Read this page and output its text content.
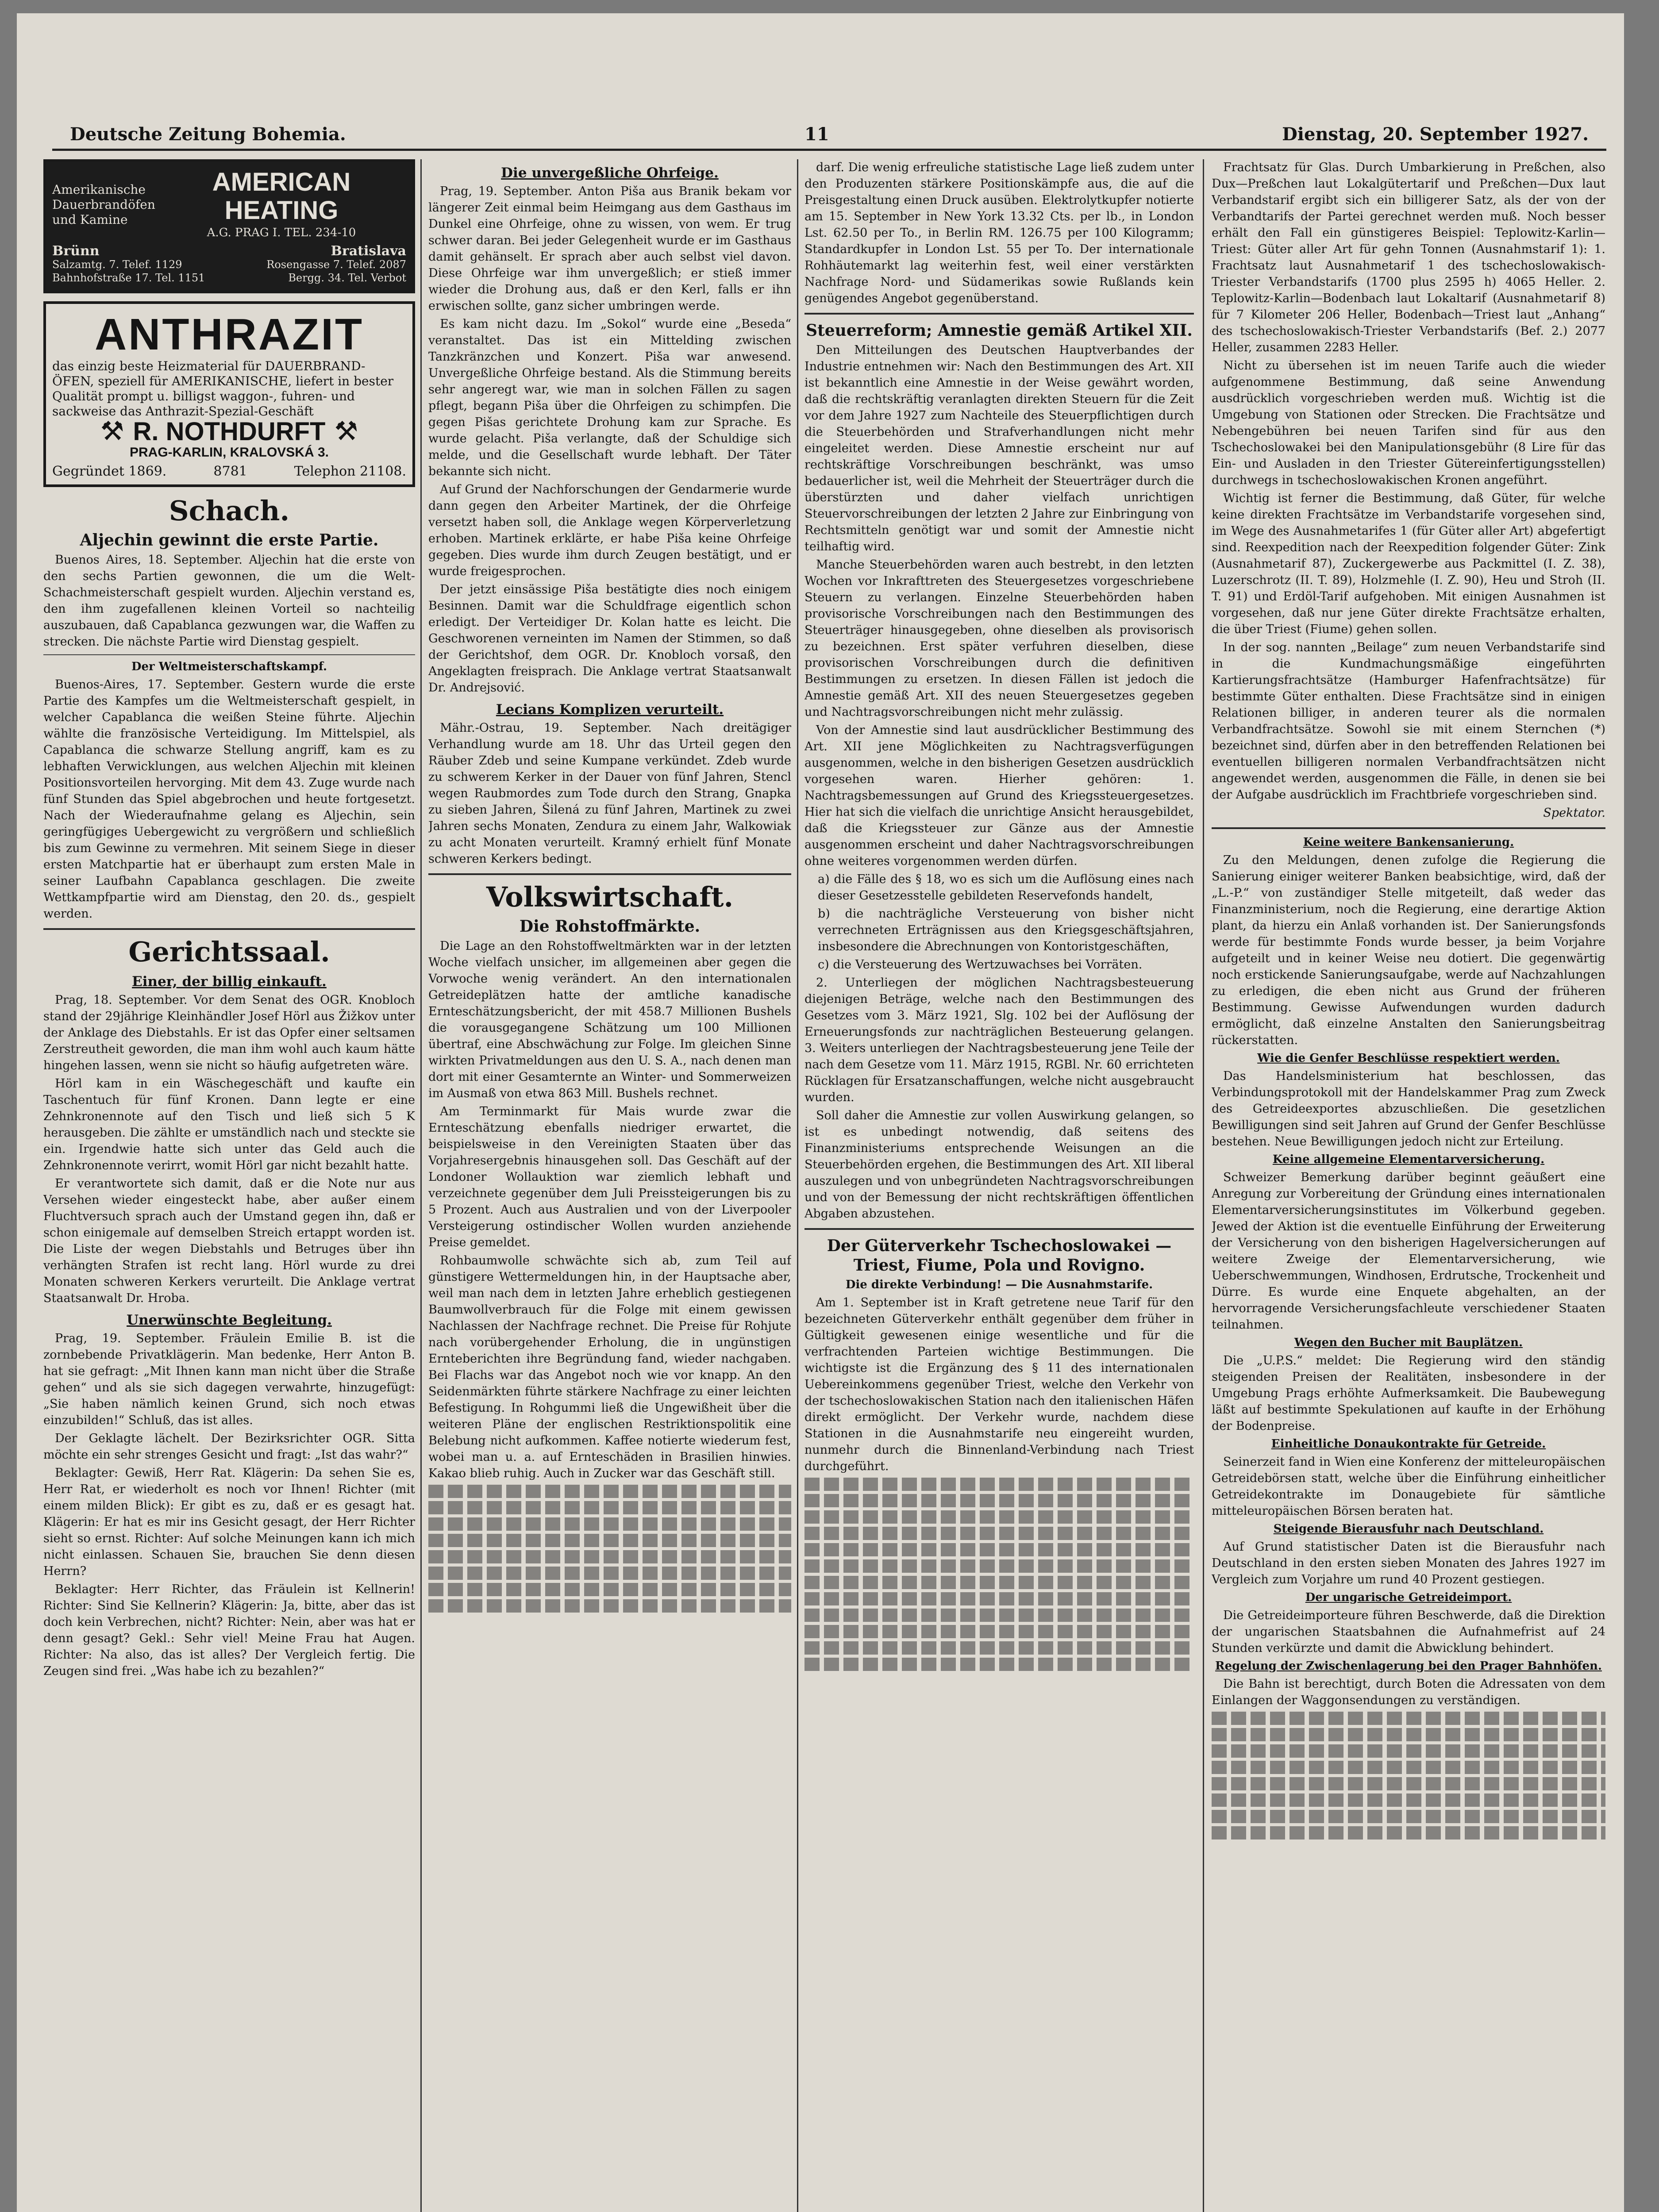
Deutsche Zeitung Bohemia.	11	Dienstag, 20. September 1927.
Amerikanische Dauerbrandöfen und Kamine
AMERICAN HEATING
A.G. PRAG I. TEL. 234-10
Brünn	Bratislava
Salzamtg. 7. Telef. 1129	Rosengasse 7. Telef. 2087
Bahnhofstraße 17. Tel. 1151	Bergg. 34. Tel. Verbot
ANTHRAZIT
das einzig beste Heizmaterial für DAUERBRAND-ÖFEN, speziell für AMERIKANISCHE, liefert in bester Qualität prompt u. billigst waggon-, fuhren- und sackweise das Anthrazit-Spezial-Geschäft
⚒ R. NOTHDURFT ⚒
PRAG-KARLIN, KRALOVSKÁ 3.
Gegründet 1869.	8781	Telephon 21108.
Schach.
Aljechin gewinnt die erste Partie.

Buenos Aires, 18. September. Aljechin hat die erste von den sechs Partien gewonnen, die um die Welt-Schachmeisterschaft gespielt wurden. Aljechin verstand es, den ihm zugefallenen kleinen Vorteil so nachteilig auszubauen, daß Capablanca gezwungen war, die Waffen zu strecken. Die nächste Partie wird Dienstag gespielt.

Der Weltmeisterschaftskampf.

Buenos-Aires, 17. September. Gestern wurde die erste Partie des Kampfes um die Weltmeisterschaft gespielt, in welcher Capablanca die weißen Steine führte. Aljechin wählte die französische Verteidigung. Im Mittelspiel, als Capablanca die schwarze Stellung angriff, kam es zu lebhaften Verwicklungen, aus welchen Aljechin mit kleinen Positionsvorteilen hervorging. Mit dem 43. Zuge wurde nach fünf Stunden das Spiel abgebrochen und heute fortgesetzt. Nach der Wiederaufnahme gelang es Aljechin, sein geringfügiges Uebergewicht zu vergrößern und schließlich bis zum Gewinne zu vermehren. Mit seinem Siege in dieser ersten Matchpartie hat er überhaupt zum ersten Male in seiner Laufbahn Capablanca geschlagen. Die zweite Wettkampfpartie wird am Dienstag, den 20. ds., gespielt werden.

Gerichtssaal.
Einer, der billig einkauft.

Prag, 18. September. Vor dem Senat des OGR. Knobloch stand der 29jährige Kleinhändler Josef Hörl aus Žižkov unter der Anklage des Diebstahls. Er ist das Opfer einer seltsamen Zerstreutheit geworden, die man ihm wohl auch kaum hätte hingehen lassen, wenn sie nicht so häufig aufgetreten wäre.

Hörl kam in ein Wäschegeschäft und kaufte ein Taschentuch für fünf Kronen. Dann legte er eine Zehnkronennote auf den Tisch und ließ sich 5 K herausgeben. Die zählte er umständlich nach und steckte sie ein. Irgendwie hatte sich unter das Geld auch die Zehnkronennote verirrt, womit Hörl gar nicht bezahlt hatte.

Er verantwortete sich damit, daß er die Note nur aus Versehen wieder eingesteckt habe, aber außer einem Fluchtversuch sprach auch der Umstand gegen ihn, daß er schon einigemale auf demselben Streich ertappt worden ist. Die Liste der wegen Diebstahls und Betruges über ihn verhängten Strafen ist recht lang. Hörl wurde zu drei Monaten schweren Kerkers verurteilt. Die Anklage vertrat Staatsanwalt Dr. Hroba.

Unerwünschte Begleitung.

Prag, 19. September. Fräulein Emilie B. ist die zornbebende Privatklägerin. Man bedenke, Herr Anton B. hat sie gefragt: „Mit Ihnen kann man nicht über die Straße gehen“ und als sie sich dagegen verwahrte, hinzugefügt: „Sie haben nämlich keinen Grund, sich noch etwas einzubilden!“ Schluß, das ist alles.

Der Geklagte lächelt. Der Bezirksrichter OGR. Sitta möchte ein sehr strenges Gesicht und fragt: „Ist das wahr?“

Beklagter: Gewiß, Herr Rat. Klägerin: Da sehen Sie es, Herr Rat, er wiederholt es noch vor Ihnen! Richter (mit einem milden Blick): Er gibt es zu, daß er es gesagt hat. Klägerin: Er hat es mir ins Gesicht gesagt, der Herr Richter sieht so ernst. Richter: Auf solche Meinungen kann ich mich nicht einlassen. Schauen Sie, brauchen Sie denn diesen Herrn?

Beklagter: Herr Richter, das Fräulein ist Kellnerin! Richter: Sind Sie Kellnerin? Klägerin: Ja, bitte, aber das ist doch kein Verbrechen, nicht? Richter: Nein, aber was hat er denn gesagt? Gekl.: Sehr viel! Meine Frau hat Augen. Richter: Na also, das ist alles? Der Vergleich fertig. Die Zeugen sind frei. „Was habe ich zu bezahlen?“

Die unvergeßliche Ohrfeige.

Prag, 19. September. Anton Piša aus Branik bekam vor längerer Zeit einmal beim Heimgang aus dem Gasthaus im Dunkel eine Ohrfeige, ohne zu wissen, von wem. Er trug schwer daran. Bei jeder Gelegenheit wurde er im Gasthaus damit gehänselt. Er sprach aber auch selbst viel davon. Diese Ohrfeige war ihm unvergeßlich; er stieß immer wieder die Drohung aus, daß er den Kerl, falls er ihn erwischen sollte, ganz sicher umbringen werde.

Es kam nicht dazu. Im „Sokol“ wurde eine „Beseda“ veranstaltet. Das ist ein Mittelding zwischen Tanzkränzchen und Konzert. Piša war anwesend. Unvergeßliche Ohrfeige bestand. Als die Stimmung bereits sehr angeregt war, wie man in solchen Fällen zu sagen pflegt, begann Piša über die Ohrfeigen zu schimpfen. Die gegen Pišas gerichtete Drohung kam zur Sprache. Es wurde gelacht. Piša verlangte, daß der Schuldige sich melde, und die Gesellschaft wurde lebhaft. Der Täter bekannte sich nicht.

Auf Grund der Nachforschungen der Gendarmerie wurde dann gegen den Arbeiter Martinek, der die Ohrfeige versetzt haben soll, die Anklage wegen Körperverletzung erhoben. Martinek erklärte, er habe Piša keine Ohrfeige gegeben. Dies wurde ihm durch Zeugen bestätigt, und er wurde freigesprochen.

Der jetzt einsässige Piša bestätigte dies noch einigem Besinnen. Damit war die Schuldfrage eigentlich schon erledigt. Der Verteidiger Dr. Kolan hatte es leicht. Die Geschworenen verneinten im Namen der Stimmen, so daß der Gerichtshof, dem OGR. Dr. Knobloch vorsaß, den Angeklagten freisprach. Die Anklage vertrat Staatsanwalt Dr. Andrejsović.

Lecians Komplizen verurteilt.

Mähr.-Ostrau, 19. September. Nach dreitägiger Verhandlung wurde am 18. Uhr das Urteil gegen den Räuber Zdeb und seine Kumpane verkündet. Zdeb wurde zu schwerem Kerker in der Dauer von fünf Jahren, Stencl wegen Raubmordes zum Tode durch den Strang, Gnapka zu sieben Jahren, Šilená zu fünf Jahren, Martinek zu zwei Jahren sechs Monaten, Zendura zu einem Jahr, Walkowiak zu acht Monaten verurteilt. Kramný erhielt fünf Monate schweren Kerkers bedingt.

Volkswirtschaft.
Die Rohstoffmärkte.

Die Lage an den Rohstoffweltmärkten war in der letzten Woche vielfach unsicher, im allgemeinen aber gegen die Vorwoche wenig verändert. An den internationalen Getreideplätzen hatte der amtliche kanadische Ernteschätzungsbericht, der mit 458.7 Millionen Bushels die vorausgegangene Schätzung um 100 Millionen übertraf, eine Abschwächung zur Folge. Im gleichen Sinne wirkten Privatmeldungen aus den U. S. A., nach denen man dort mit einer Gesamternte an Winter- und Sommerweizen im Ausmaß von etwa 863 Mill. Bushels rechnet.

Am Terminmarkt für Mais wurde zwar die Ernteschätzung ebenfalls niedriger erwartet, die beispielsweise in den Vereinigten Staaten über das Vorjahresergebnis hinausgehen soll. Das Geschäft auf der Londoner Wollauktion war ziemlich lebhaft und verzeichnete gegenüber dem Juli Preissteigerungen bis zu 5 Prozent. Auch aus Australien und von der Liverpooler Versteigerung ostindischer Wollen wurden anziehende Preise gemeldet.

Rohbaumwolle schwächte sich ab, zum Teil auf günstigere Wettermeldungen hin, in der Hauptsache aber, weil man nach dem in letzten Jahre erheblich gestiegenen Baumwollverbrauch für die Folge mit einem gewissen Nachlassen der Nachfrage rechnet. Die Preise für Rohjute nach vorübergehender Erholung, die in ungünstigen Ernteberichten ihre Begründung fand, wieder nachgaben. Bei Flachs war das Angebot noch wie vor knapp. An den Seidenmärkten führte stärkere Nachfrage zu einer leichten Befestigung. In Rohgummi ließ die Ungewißheit über die weiteren Pläne der englischen Restriktionspolitik eine Belebung nicht aufkommen. Kaffee notierte wiederum fest, wobei man u. a. auf Ernteschäden in Brasilien hinwies. Kakao blieb ruhig. Auch in Zucker war das Geschäft still.

darf. Die wenig erfreuliche statistische Lage ließ zudem unter den Produzenten stärkere Positionskämpfe aus, die auf die Preisgestaltung einen Druck ausüben. Elektrolytkupfer notierte am 15. September in New York 13.32 Cts. per lb., in London Lst. 62.50 per To., in Berlin RM. 126.75 per 100 Kilogramm; Standardkupfer in London Lst. 55 per To. Der internationale Rohhäutemarkt lag weiterhin fest, weil einer verstärkten Nachfrage Nord- und Südamerikas sowie Rußlands kein genügendes Angebot gegenüberstand.

Steuerreform; Amnestie gemäß Artikel XII.

Den Mitteilungen des Deutschen Hauptverbandes der Industrie entnehmen wir: Nach den Bestimmungen des Art. XII ist bekanntlich eine Amnestie in der Weise gewährt worden, daß die rechtskräftig veranlagten direkten Steuern für die Zeit vor dem Jahre 1927 zum Nachteile des Steuerpflichtigen durch die Steuerbehörden und Strafverhandlungen nicht mehr eingeleitet werden. Diese Amnestie erscheint nur auf rechtskräftige Vorschreibungen beschränkt, was umso bedauerlicher ist, weil die Mehrheit der Steuerträger durch die überstürzten und daher vielfach unrichtigen Steuervorschreibungen der letzten 2 Jahre zur Einbringung von Rechtsmitteln genötigt war und somit der Amnestie nicht teilhaftig wird.

Manche Steuerbehörden waren auch bestrebt, in den letzten Wochen vor Inkrafttreten des Steuergesetzes vorgeschriebene Steuern zu verlangen. Einzelne Steuerbehörden haben provisorische Vorschreibungen nach den Bestimmungen des Steuerträger hinausgegeben, ohne dieselben als provisorisch zu bezeichnen. Erst später verfuhren dieselben, diese provisorischen Vorschreibungen durch die definitiven Bestimmungen zu ersetzen. In diesen Fällen ist jedoch die Amnestie gemäß Art. XII des neuen Steuergesetzes gegeben und Nachtragsvorschreibungen nicht mehr zulässig.

Von der Amnestie sind laut ausdrücklicher Bestimmung des Art. XII jene Möglichkeiten zu Nachtragsverfügungen ausgenommen, welche in den bisherigen Gesetzen ausdrücklich vorgesehen waren. Hierher gehören: 1. Nachtragsbemessungen auf Grund des Kriegssteuergesetzes. Hier hat sich die vielfach die unrichtige Ansicht herausgebildet, daß die Kriegssteuer zur Gänze aus der Amnestie ausgenommen erscheint und daher Nachtragsvorschreibungen ohne weiteres vorgenommen werden dürfen.

a) die Fälle des § 18, wo es sich um die Auflösung eines nach dieser Gesetzesstelle gebildeten Reservefonds handelt,

b) die nachträgliche Versteuerung von bisher nicht verrechneten Erträgnissen aus den Kriegsgeschäftsjahren, insbesondere die Abrechnungen von Kontoristgeschäften,

c) die Versteuerung des Wertzuwachses bei Vorräten.

2. Unterliegen der möglichen Nachtragsbesteuerung diejenigen Beträge, welche nach den Bestimmungen des Gesetzes vom 3. März 1921, Slg. 102 bei der Auflösung der Erneuerungsfonds zur nachträglichen Besteuerung gelangen. 3. Weiters unterliegen der Nachtragsbesteuerung jene Teile der nach dem Gesetze vom 11. März 1915, RGBl. Nr. 60 errichteten Rücklagen für Ersatzanschaffungen, welche nicht ausgebraucht wurden.

Soll daher die Amnestie zur vollen Auswirkung gelangen, so ist es unbedingt notwendig, daß seitens des Finanzministeriums entsprechende Weisungen an die Steuerbehörden ergehen, die Bestimmungen des Art. XII liberal auszulegen und von unbegründeten Nachtragsvorschreibungen und von der Bemessung der nicht rechtskräftigen öffentlichen Abgaben abzustehen.

Der Güterverkehr Tschechoslowakei — Triest, Fiume, Pola und Rovigno.
Die direkte Verbindung! — Die Ausnahmstarife.

Am 1. September ist in Kraft getretene neue Tarif für den bezeichneten Güterverkehr enthält gegenüber dem früher in Gültigkeit gewesenen einige wesentliche und für die verfrachtenden Parteien wichtige Bestimmungen. Die wichtigste ist die Ergänzung des § 11 des internationalen Uebereinkommens gegenüber Triest, welche den Verkehr von der tschechoslowakischen Station nach den italienischen Häfen direkt ermöglicht. Der Verkehr wurde, nachdem diese Stationen in die Ausnahmstarife neu eingereiht wurden, nunmehr durch die Binnenland-Verbindung nach Triest durchgeführt.

Frachtsatz für Glas. Durch Umbarkierung in Preßchen, also Dux—Preßchen laut Lokalgütertarif und Preßchen—Dux laut Verbandstarif ergibt sich ein billigerer Satz, als der von der Verbandtarifs der Partei gerechnet werden muß. Noch besser erhält den Fall ein günstigeres Beispiel: Teplowitz-Karlin—Triest: Güter aller Art für gehn Tonnen (Ausnahmstarif 1): 1. Frachtsatz laut Ausnahmetarif 1 des tschechoslowakisch-Triester Verbandstarifs (1700 plus 2595 h) 4065 Heller. 2. Teplowitz-Karlin—Bodenbach laut Lokaltarif (Ausnahmetarif 8) für 7 Kilometer 206 Heller, Bodenbach—Triest laut „Anhang“ des tschechoslowakisch-Triester Verbandstarifs (Bef. 2.) 2077 Heller, zusammen 2283 Heller.

Nicht zu übersehen ist im neuen Tarife auch die wieder aufgenommene Bestimmung, daß seine Anwendung ausdrücklich vorgeschrieben werden muß. Wichtig ist die Umgebung von Stationen oder Strecken. Die Frachtsätze und Nebengebühren bei neuen Tarifen sind für aus den Tschechoslowakei bei den Manipulationsgebühr (8 Lire für das Ein- und Ausladen in den Triester Gütereinfertigungsstellen) durchwegs in tschechoslowakischen Kronen angeführt.

Wichtig ist ferner die Bestimmung, daß Güter, für welche keine direkten Frachtsätze im Verbandstarife vorgesehen sind, im Wege des Ausnahmetarifes 1 (für Güter aller Art) abgefertigt sind. Reexpedition nach der Reexpedition folgender Güter: Zink (Ausnahmetarif 87), Zuckergewerbe aus Packmittel (I. Z. 38), Luzerschrotz (II. T. 89), Holzmehle (I. Z. 90), Heu und Stroh (II. T. 91) und Erdöl-Tarif aufgehoben. Mit einigen Ausnahmen ist vorgesehen, daß nur jene Güter direkte Frachtsätze erhalten, die über Triest (Fiume) gehen sollen.

In der sog. nannten „Beilage“ zum neuen Verbandstarife sind in die Kundmachungsmäßige eingeführten Kartierungsfrachtsätze (Hamburger Hafenfrachtsätze) für bestimmte Güter enthalten. Diese Frachtsätze sind in einigen Relationen billiger, in anderen teurer als die normalen Verbandfrachtsätze. Sowohl sie mit einem Sternchen (*) bezeichnet sind, dürfen aber in den betreffenden Relationen bei eventuellen billigeren normalen Verbandfrachtsätzen nicht angewendet werden, ausgenommen die Fälle, in denen sie bei der Aufgabe ausdrücklich im Frachtbriefe vorgeschrieben sind.

Spektator.
Keine weitere Bankensanierung.

Zu den Meldungen, denen zufolge die Regierung die Sanierung einiger weiterer Banken beabsichtige, wird, daß der „L.-P.“ von zuständiger Stelle mitgeteilt, daß weder das Finanzministerium, noch die Regierung, eine derartige Aktion plant, da hierzu ein Anlaß vorhanden ist. Der Sanierungsfonds werde für bestimmte Fonds wurde besser, ja beim Vorjahre aufgeteilt und in keiner Weise neu dotiert. Die gegenwärtig noch erstickende Sanierungsaufgabe, werde auf Nachzahlungen zu erledigen, die eben nicht aus Grund der früheren Bestimmung. Gewisse Aufwendungen wurden dadurch ermöglicht, daß einzelne Anstalten den Sanierungsbeitrag rückerstatten.

Wie die Genfer Beschlüsse respektiert werden.

Das Handelsministerium hat beschlossen, das Verbindungsprotokoll mit der Handelskammer Prag zum Zweck des Getreideexportes abzuschließen. Die gesetzlichen Bewilligungen sind seit Jahren auf Grund der Genfer Beschlüsse bestehen. Neue Bewilligungen jedoch nicht zur Erteilung.

Keine allgemeine Elementarversicherung.

Schweizer Bemerkung darüber beginnt geäußert eine Anregung zur Vorbereitung der Gründung eines internationalen Elementarversicherungsinstitutes im Völkerbund gegeben. Jewed der Aktion ist die eventuelle Einführung der Erweiterung der Versicherung von den bisherigen Hagelversicherungen auf weitere Zweige der Elementarversicherung, wie Ueberschwemmungen, Windhosen, Erdrutsche, Trockenheit und Dürre. Es wurde eine Enquete abgehalten, an der hervorragende Versicherungsfachleute verschiedener Staaten teilnahmen.

Wegen den Bucher mit Bauplätzen.

Die „U.P.S.“ meldet: Die Regierung wird den ständig steigenden Preisen der Realitäten, insbesondere in der Umgebung Prags erhöhte Aufmerksamkeit. Die Baubewegung läßt auf bestimmte Spekulationen auf kaufte in der Erhöhung der Bodenpreise.

Einheitliche Donaukontrakte für Getreide.

Seinerzeit fand in Wien eine Konferenz der mitteleuropäischen Getreidebörsen statt, welche über die Einführung einheitlicher Getreidekontrakte im Donaugebiete für sämtliche mitteleuropäischen Börsen beraten hat.

Steigende Bierausfuhr nach Deutschland.

Auf Grund statistischer Daten ist die Bierausfuhr nach Deutschland in den ersten sieben Monaten des Jahres 1927 im Vergleich zum Vorjahre um rund 40 Prozent gestiegen.

Der ungarische Getreideimport.

Die Getreideimporteure führen Beschwerde, daß die Direktion der ungarischen Staatsbahnen die Aufnahmefrist auf 24 Stunden verkürzte und damit die Abwicklung behindert.

Regelung der Zwischenlagerung bei den Prager Bahnhöfen.

Die Bahn ist berechtigt, durch Boten die Adressaten von dem Einlangen der Waggonsendungen zu verständigen.
